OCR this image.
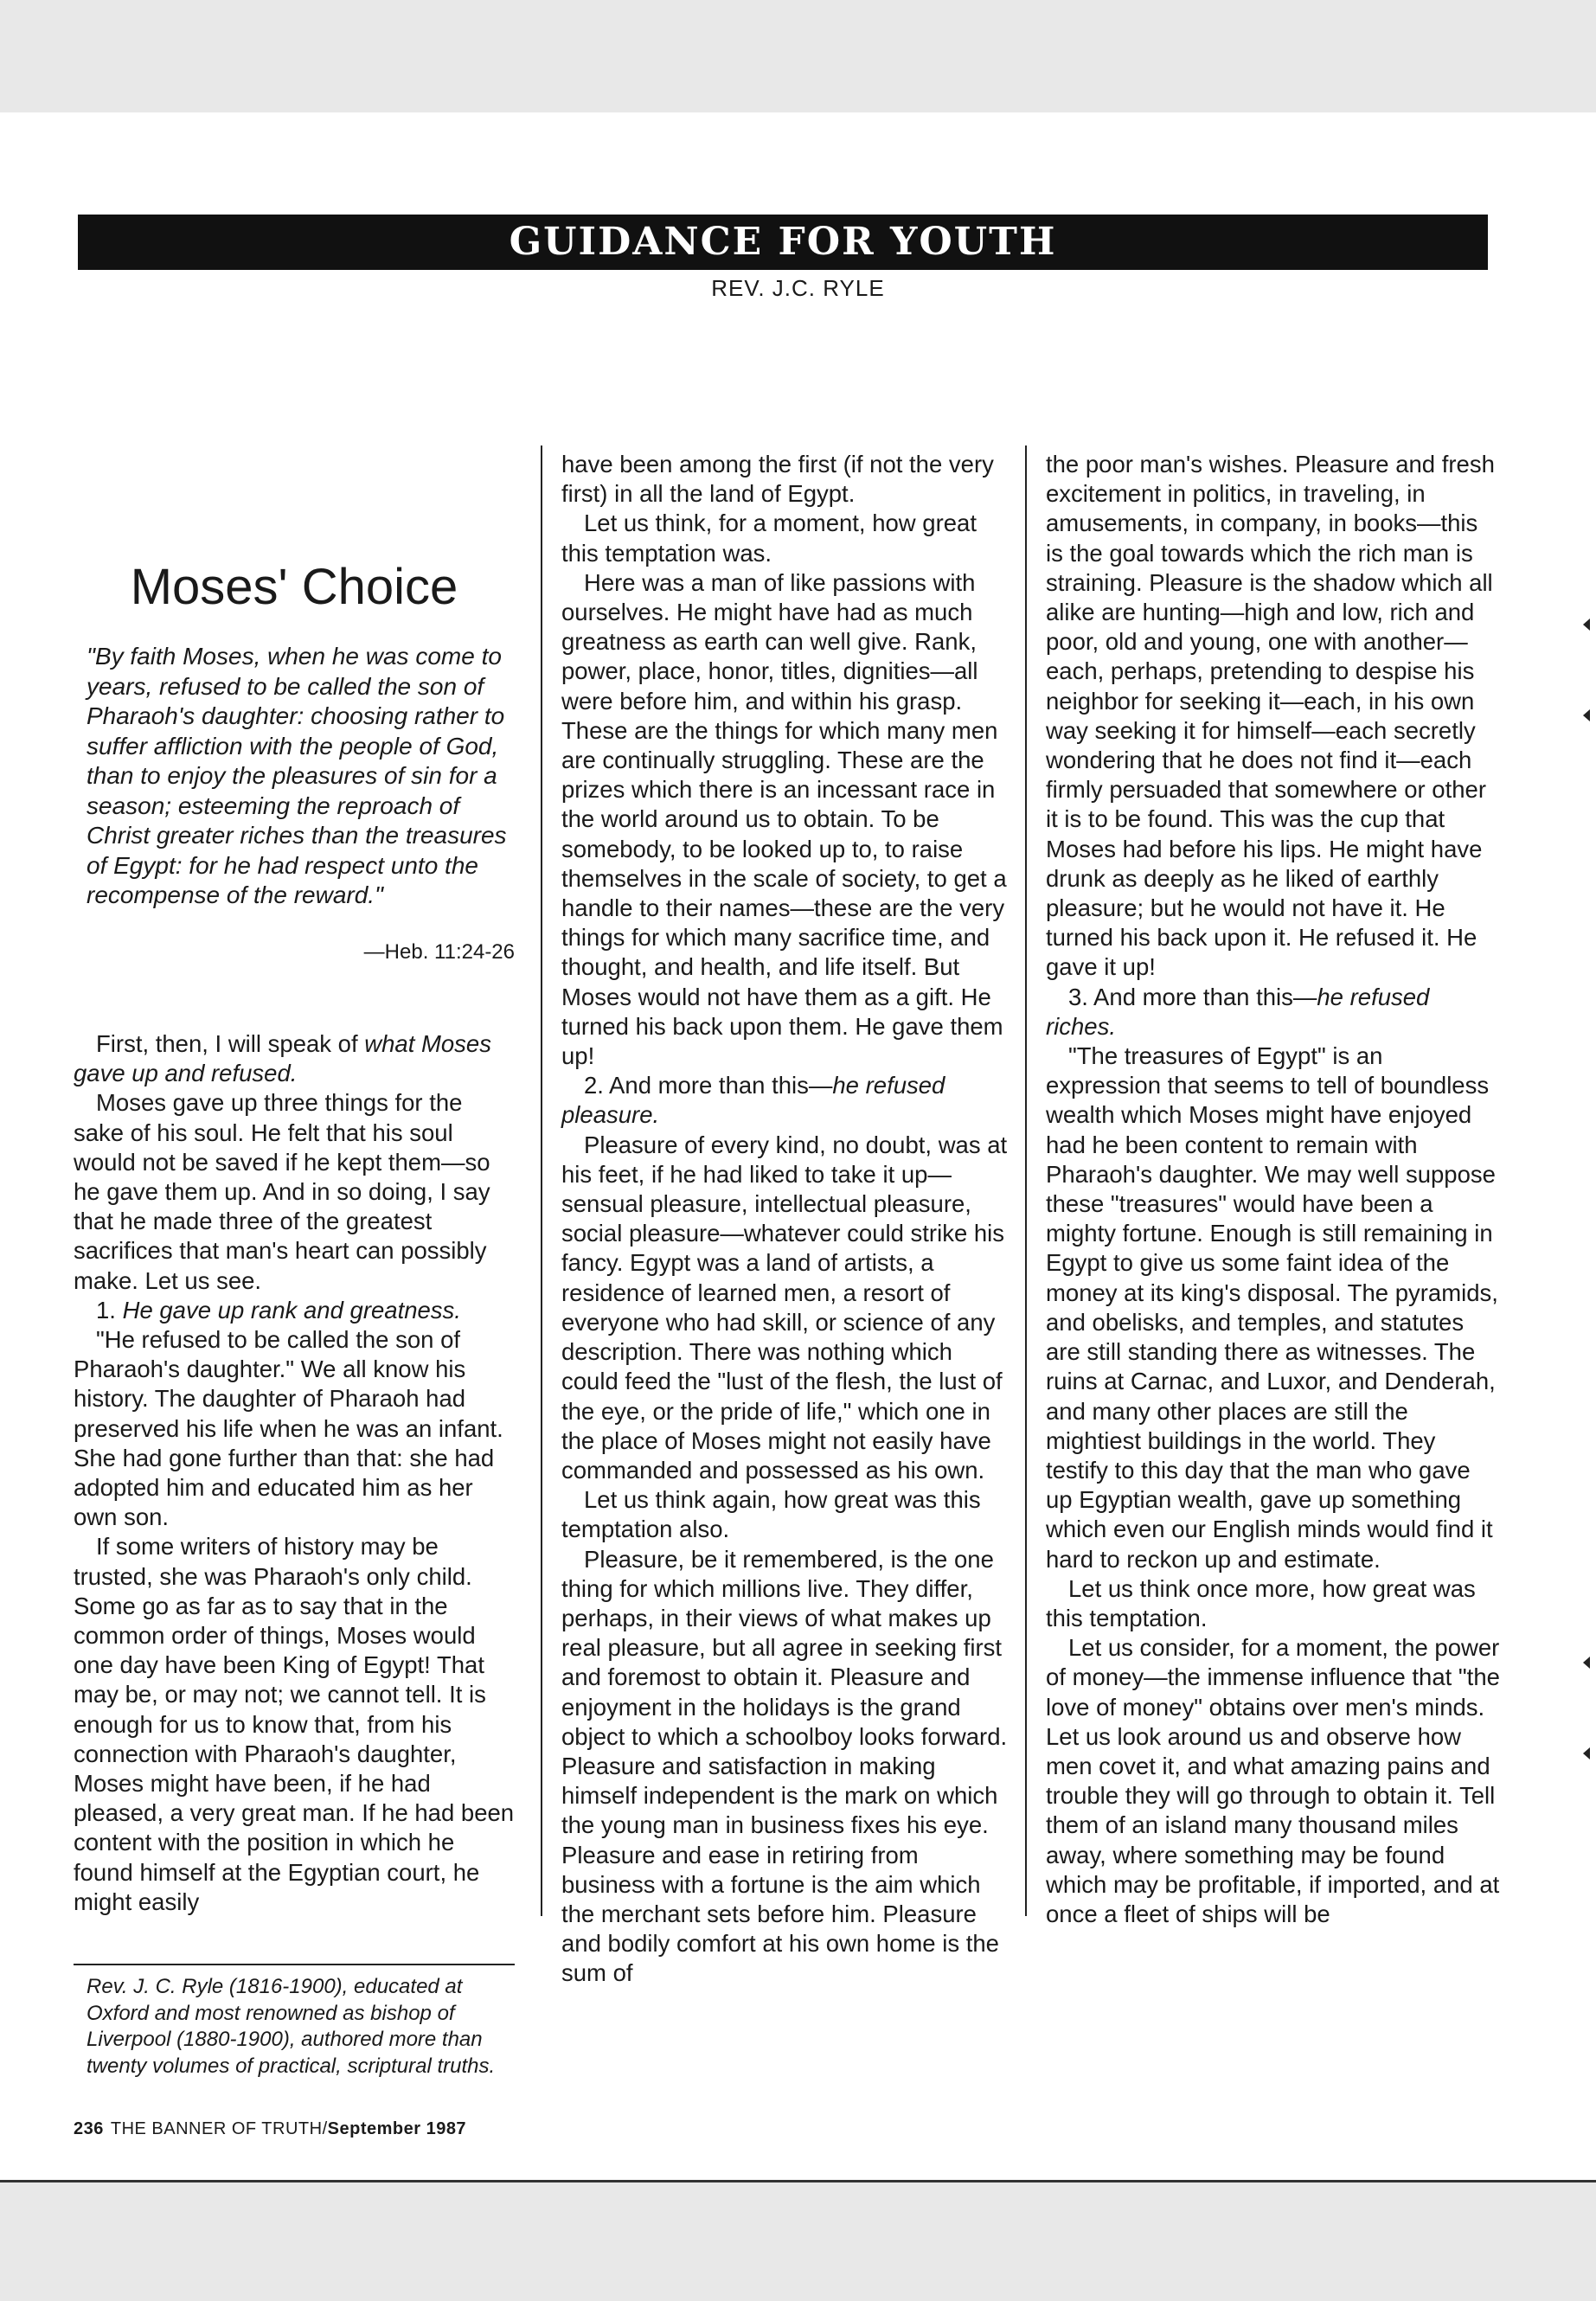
GUIDANCE FOR YOUTH
REV. J.C. RYLE
Moses' Choice
"By faith Moses, when he was come to years, refused to be called the son of Pharaoh's daughter: choosing rather to suffer affliction with the people of God, than to enjoy the pleasures of sin for a season; esteeming the reproach of Christ greater riches than the treasures of Egypt: for he had respect unto the recompense of the reward."
—Heb. 11:24-26

First, then, I will speak of what Moses gave up and refused.

Moses gave up three things for the sake of his soul. He felt that his soul would not be saved if he kept them—so he gave them up. And in so doing, I say that he made three of the greatest sacrifices that man's heart can possibly make. Let us see.

1. He gave up rank and greatness.

"He refused to be called the son of Pharaoh's daughter." We all know his history. The daughter of Pharaoh had preserved his life when he was an infant. She had gone further than that: she had adopted him and educated him as her own son.

If some writers of history may be trusted, she was Pharaoh's only child. Some go as far as to say that in the common order of things, Moses would one day have been King of Egypt! That may be, or may not; we cannot tell. It is enough for us to know that, from his connection with Pharaoh's daughter, Moses might have been, if he had pleased, a very great man. If he had been content with the position in which he found himself at the Egyptian court, he might easily

have been among the first (if not the very first) in all the land of Egypt.

Let us think, for a moment, how great this temptation was.

Here was a man of like passions with ourselves. He might have had as much greatness as earth can well give. Rank, power, place, honor, titles, dignities—all were before him, and within his grasp. These are the things for which many men are continually struggling. These are the prizes which there is an incessant race in the world around us to obtain. To be somebody, to be looked up to, to raise themselves in the scale of society, to get a handle to their names—these are the very things for which many sacrifice time, and thought, and health, and life itself. But Moses would not have them as a gift. He turned his back upon them. He gave them up!

2. And more than this—he refused pleasure.

Pleasure of every kind, no doubt, was at his feet, if he had liked to take it up—sensual pleasure, intellectual pleasure, social pleasure—whatever could strike his fancy. Egypt was a land of artists, a residence of learned men, a resort of everyone who had skill, or science of any description. There was nothing which could feed the "lust of the flesh, the lust of the eye, or the pride of life," which one in the place of Moses might not easily have commanded and possessed as his own.

Let us think again, how great was this temptation also.

Pleasure, be it remembered, is the one thing for which millions live. They differ, perhaps, in their views of what makes up real pleasure, but all agree in seeking first and foremost to obtain it. Pleasure and enjoyment in the holidays is the grand object to which a schoolboy looks forward. Pleasure and satisfaction in making himself independent is the mark on which the young man in business fixes his eye. Pleasure and ease in retiring from business with a fortune is the aim which the merchant sets before him. Pleasure and bodily comfort at his own home is the sum of

the poor man's wishes. Pleasure and fresh excitement in politics, in traveling, in amusements, in company, in books—this is the goal towards which the rich man is straining. Pleasure is the shadow which all alike are hunting—high and low, rich and poor, old and young, one with another—each, perhaps, pretending to despise his neighbor for seeking it—each, in his own way seeking it for himself—each secretly wondering that he does not find it—each firmly persuaded that somewhere or other it is to be found. This was the cup that Moses had before his lips. He might have drunk as deeply as he liked of earthly pleasure; but he would not have it. He turned his back upon it. He refused it. He gave it up!

3. And more than this—he refused riches.

"The treasures of Egypt" is an expression that seems to tell of boundless wealth which Moses might have enjoyed had he been content to remain with Pharaoh's daughter. We may well suppose these "treasures" would have been a mighty fortune. Enough is still remaining in Egypt to give us some faint idea of the money at its king's disposal. The pyramids, and obelisks, and temples, and statutes are still standing there as witnesses. The ruins at Carnac, and Luxor, and Denderah, and many other places are still the mightiest buildings in the world. They testify to this day that the man who gave up Egyptian wealth, gave up something which even our English minds would find it hard to reckon up and estimate.

Let us think once more, how great was this temptation.

Let us consider, for a moment, the power of money—the immense influence that "the love of money" obtains over men's minds. Let us look around us and observe how men covet it, and what amazing pains and trouble they will go through to obtain it. Tell them of an island many thousand miles away, where something may be found which may be profitable, if imported, and at once a fleet of ships will be

Rev. J. C. Ryle (1816-1900), educated at Oxford and most renowned as bishop of Liverpool (1880-1900), authored more than twenty volumes of practical, scriptural truths.
236 THE BANNER OF TRUTH/September 1987
